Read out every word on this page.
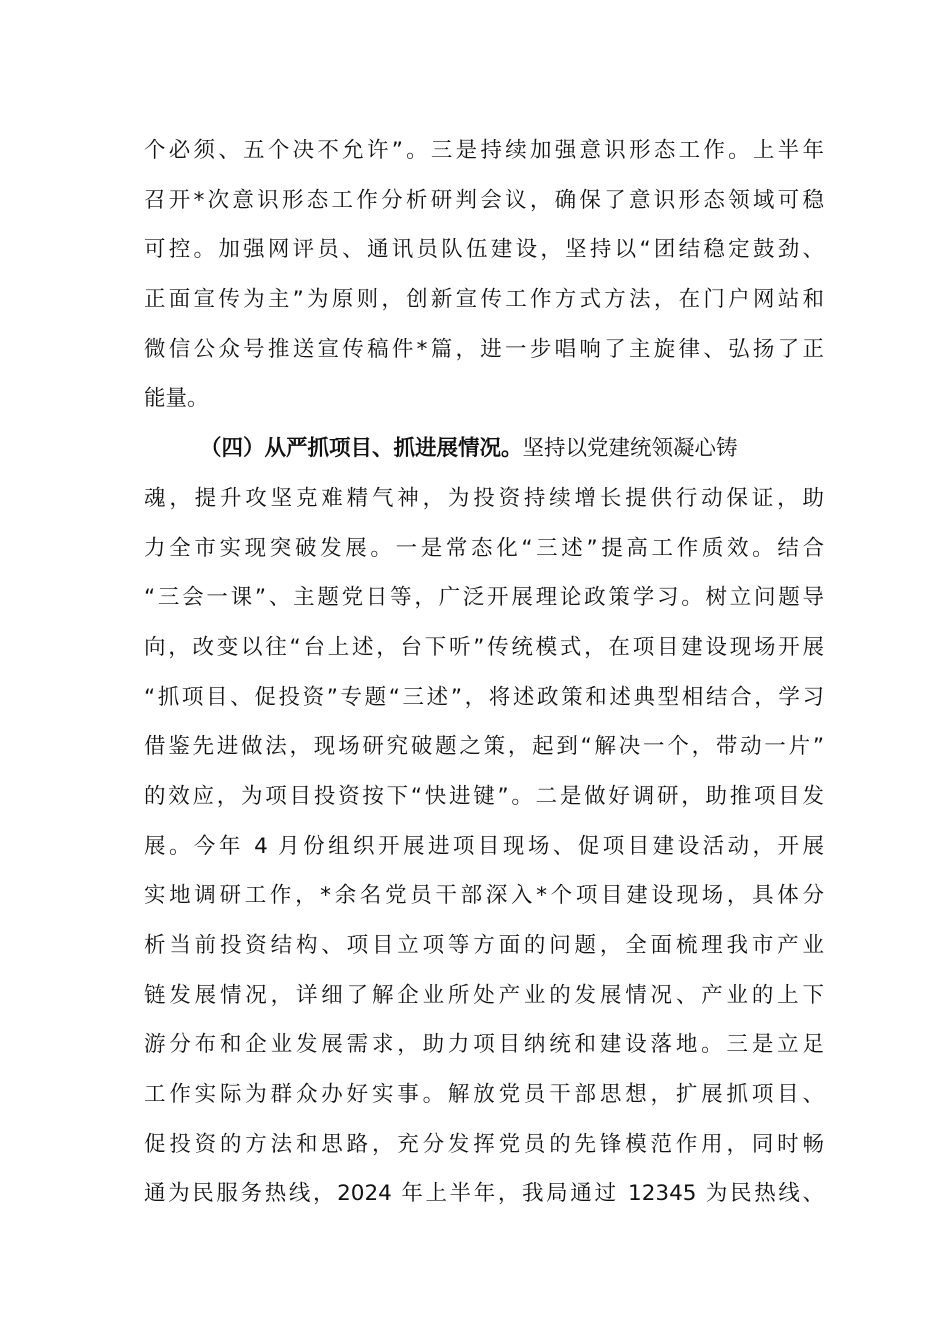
个必须、五个决不允许”。三是持续加强意识形态工作。上半年
召开*次意识形态工作分析研判会议，确保了意识形态领域可稳
可控。加强网评员、通讯员队伍建设，坚持以“团结稳定鼓劲、
正面宣传为主”为原则，创新宣传工作方式方法，在门户网站和
微信公众号推送宣传稿件*篇，进一步唱响了主旋律、弘扬了正
能量。
（四）从严抓项目、抓进展情况。坚持以党建统领凝心铸
魂，提升攻坚克难精气神，为投资持续增长提供行动保证，助
力全市实现突破发展。一是常态化“三述”提高工作质效。结合
“三会一课”、主题党日等，广泛开展理论政策学习。树立问题导
向，改变以往“台上述，台下听”传统模式，在项目建设现场开展
“抓项目、促投资”专题“三述”，将述政策和述典型相结合，学习
借鉴先进做法，现场研究破题之策，起到“解决一个，带动一片”
的效应，为项目投资按下“快进键”。二是做好调研，助推项目发
展。今年 4 月份组织开展进项目现场、促项目建设活动，开展
实地调研工作，*余名党员干部深入*个项目建设现场，具体分
析当前投资结构、项目立项等方面的问题，全面梳理我市产业
链发展情况，详细了解企业所处产业的发展情况、产业的上下
游分布和企业发展需求，助力项目纳统和建设落地。三是立足
工作实际为群众办好实事。解放党员干部思想，扩展抓项目、
促投资的方法和思路，充分发挥党员的先锋模范作用，同时畅
通为民服务热线，2024 年上半年，我局通过 12345 为民热线、
